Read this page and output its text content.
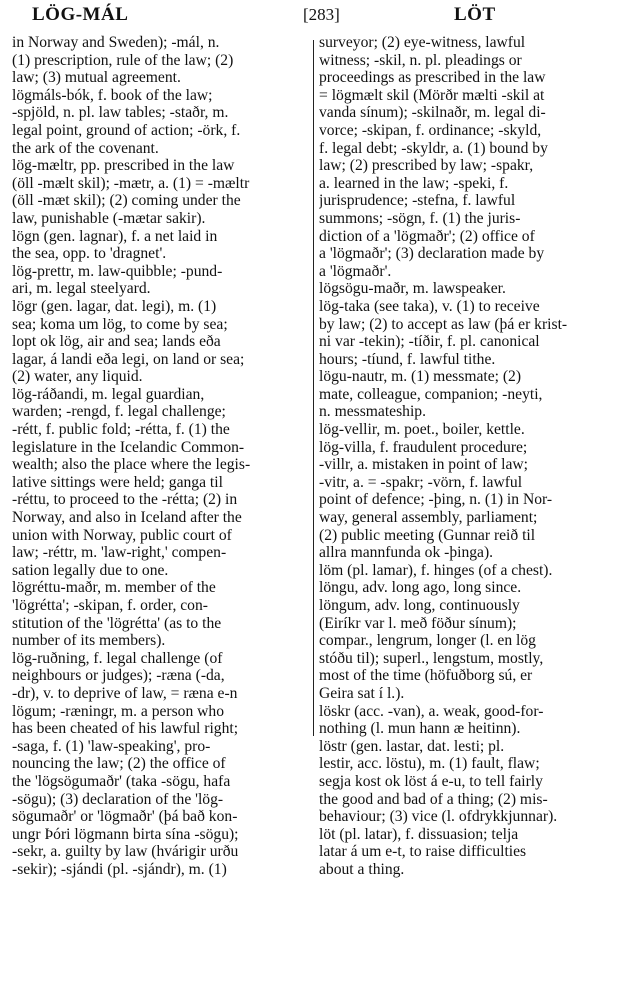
LÖG-MÁL	[283]	LÖT
in Norway and Sweden); -mál, n.
(1) prescription, rule of the law; (2)
law; (3) mutual agreement.
lögmáls-bók, f. book of the law;
-spjöld, n. pl. law tables; -staðr, m.
legal point, ground of action; -örk, f.
the ark of the covenant.
lög-mæltr, pp. prescribed in the law
(öll -mælt skil); -mætr, a. (1) = -mæltr
(öll -mæt skil); (2) coming under the
law, punishable (-mætar sakir).
lögn (gen. lagnar), f. a net laid in
the sea, opp. to 'dragnet'.
lög-prettr, m. law-quibble; -pund-
ari, m. legal steelyard.
lögr (gen. lagar, dat. legi), m. (1)
sea; koma um lög, to come by sea;
lopt ok lög, air and sea; lands eða
lagar, á landi eða legi, on land or sea;
(2) water, any liquid.
lög-ráðandi, m. legal guardian,
warden; -rengd, f. legal challenge;
-rétt, f. public fold; -rétta, f. (1) the
legislature in the Icelandic Common-
wealth; also the place where the legis-
lative sittings were held; ganga til
-réttu, to proceed to the -rétta; (2) in
Norway, and also in Iceland after the
union with Norway, public court of
law; -réttr, m. 'law-right,' compen-
sation legally due to one.
lögréttu-maðr, m. member of the
'lögrétta'; -skipan, f. order, con-
stitution of the 'lögrétta' (as to the
number of its members).
lög-ruðning, f. legal challenge (of
neighbours or judges); -ræna (-da,
-dr), v. to deprive of law, = ræna e-n
lögum; -ræningr, m. a person who
has been cheated of his lawful right;
-saga, f. (1) 'law-speaking', pro-
nouncing the law; (2) the office of
the 'lögsögumaðr' (taka -sögu, hafa
-sögu); (3) declaration of the 'lög-
sögumaðr' or 'lögmaðr' (þá bað kon-
ungr Þóri lögmann birta sína -sögu);
-sekr, a. guilty by law (hvárigir urðu
-sekir); -sjándi (pl. -sjándr), m. (1)
surveyor; (2) eye-witness, lawful
witness; -skil, n. pl. pleadings or
proceedings as prescribed in the law
= lögmælt skil (Mörðr mælti -skil at
vanda sínum); -skilnaðr, m. legal di-
vorce; -skipan, f. ordinance; -skyld,
f. legal debt; -skyldr, a. (1) bound by
law; (2) prescribed by law; -spakr,
a. learned in the law; -speki, f.
jurisprudence; -stefna, f. lawful
summons; -sögn, f. (1) the juris-
diction of a 'lögmaðr'; (2) office of
a 'lögmaðr'; (3) declaration made by
a 'lögmaðr'.
lögsögu-maðr, m. lawspeaker.
lög-taka (see taka), v. (1) to receive
by law; (2) to accept as law (þá er krist-
ni var -tekin); -tíðir, f. pl. canonical
hours; -tíund, f. lawful tithe.
lögu-nautr, m. (1) messmate; (2)
mate, colleague, companion; -neyti,
n. messmateship.
lög-vellir, m. poet., boiler, kettle.
lög-villa, f. fraudulent procedure;
-villr, a. mistaken in point of law;
-vitr, a. = -spakr; -vörn, f. lawful
point of defence; -þing, n. (1) in Nor-
way, general assembly, parliament;
(2) public meeting (Gunnar reið til
allra mannfunda ok -þinga).
löm (pl. lamar), f. hinges (of a chest).
löngu, adv. long ago, long since.
löngum, adv. long, continuously
(Eiríkr var l. með föður sínum);
compar., lengrum, longer (l. en lög
stóðu til); superl., lengstum, mostly,
most of the time (höfuðborg sú, er
Geira sat í l.).
löskr (acc. -van), a. weak, good-for-
nothing (l. mun hann æ heitinn).
löstr (gen. lastar, dat. lesti; pl.
lestir, acc. löstu), m. (1) fault, flaw;
segja kost ok löst á e-u, to tell fairly
the good and bad of a thing; (2) mis-
behaviour; (3) vice (l. ofdrykkjunnar).
löt (pl. latar), f. dissuasion; telja
latar á um e-t, to raise difficulties
about a thing.
